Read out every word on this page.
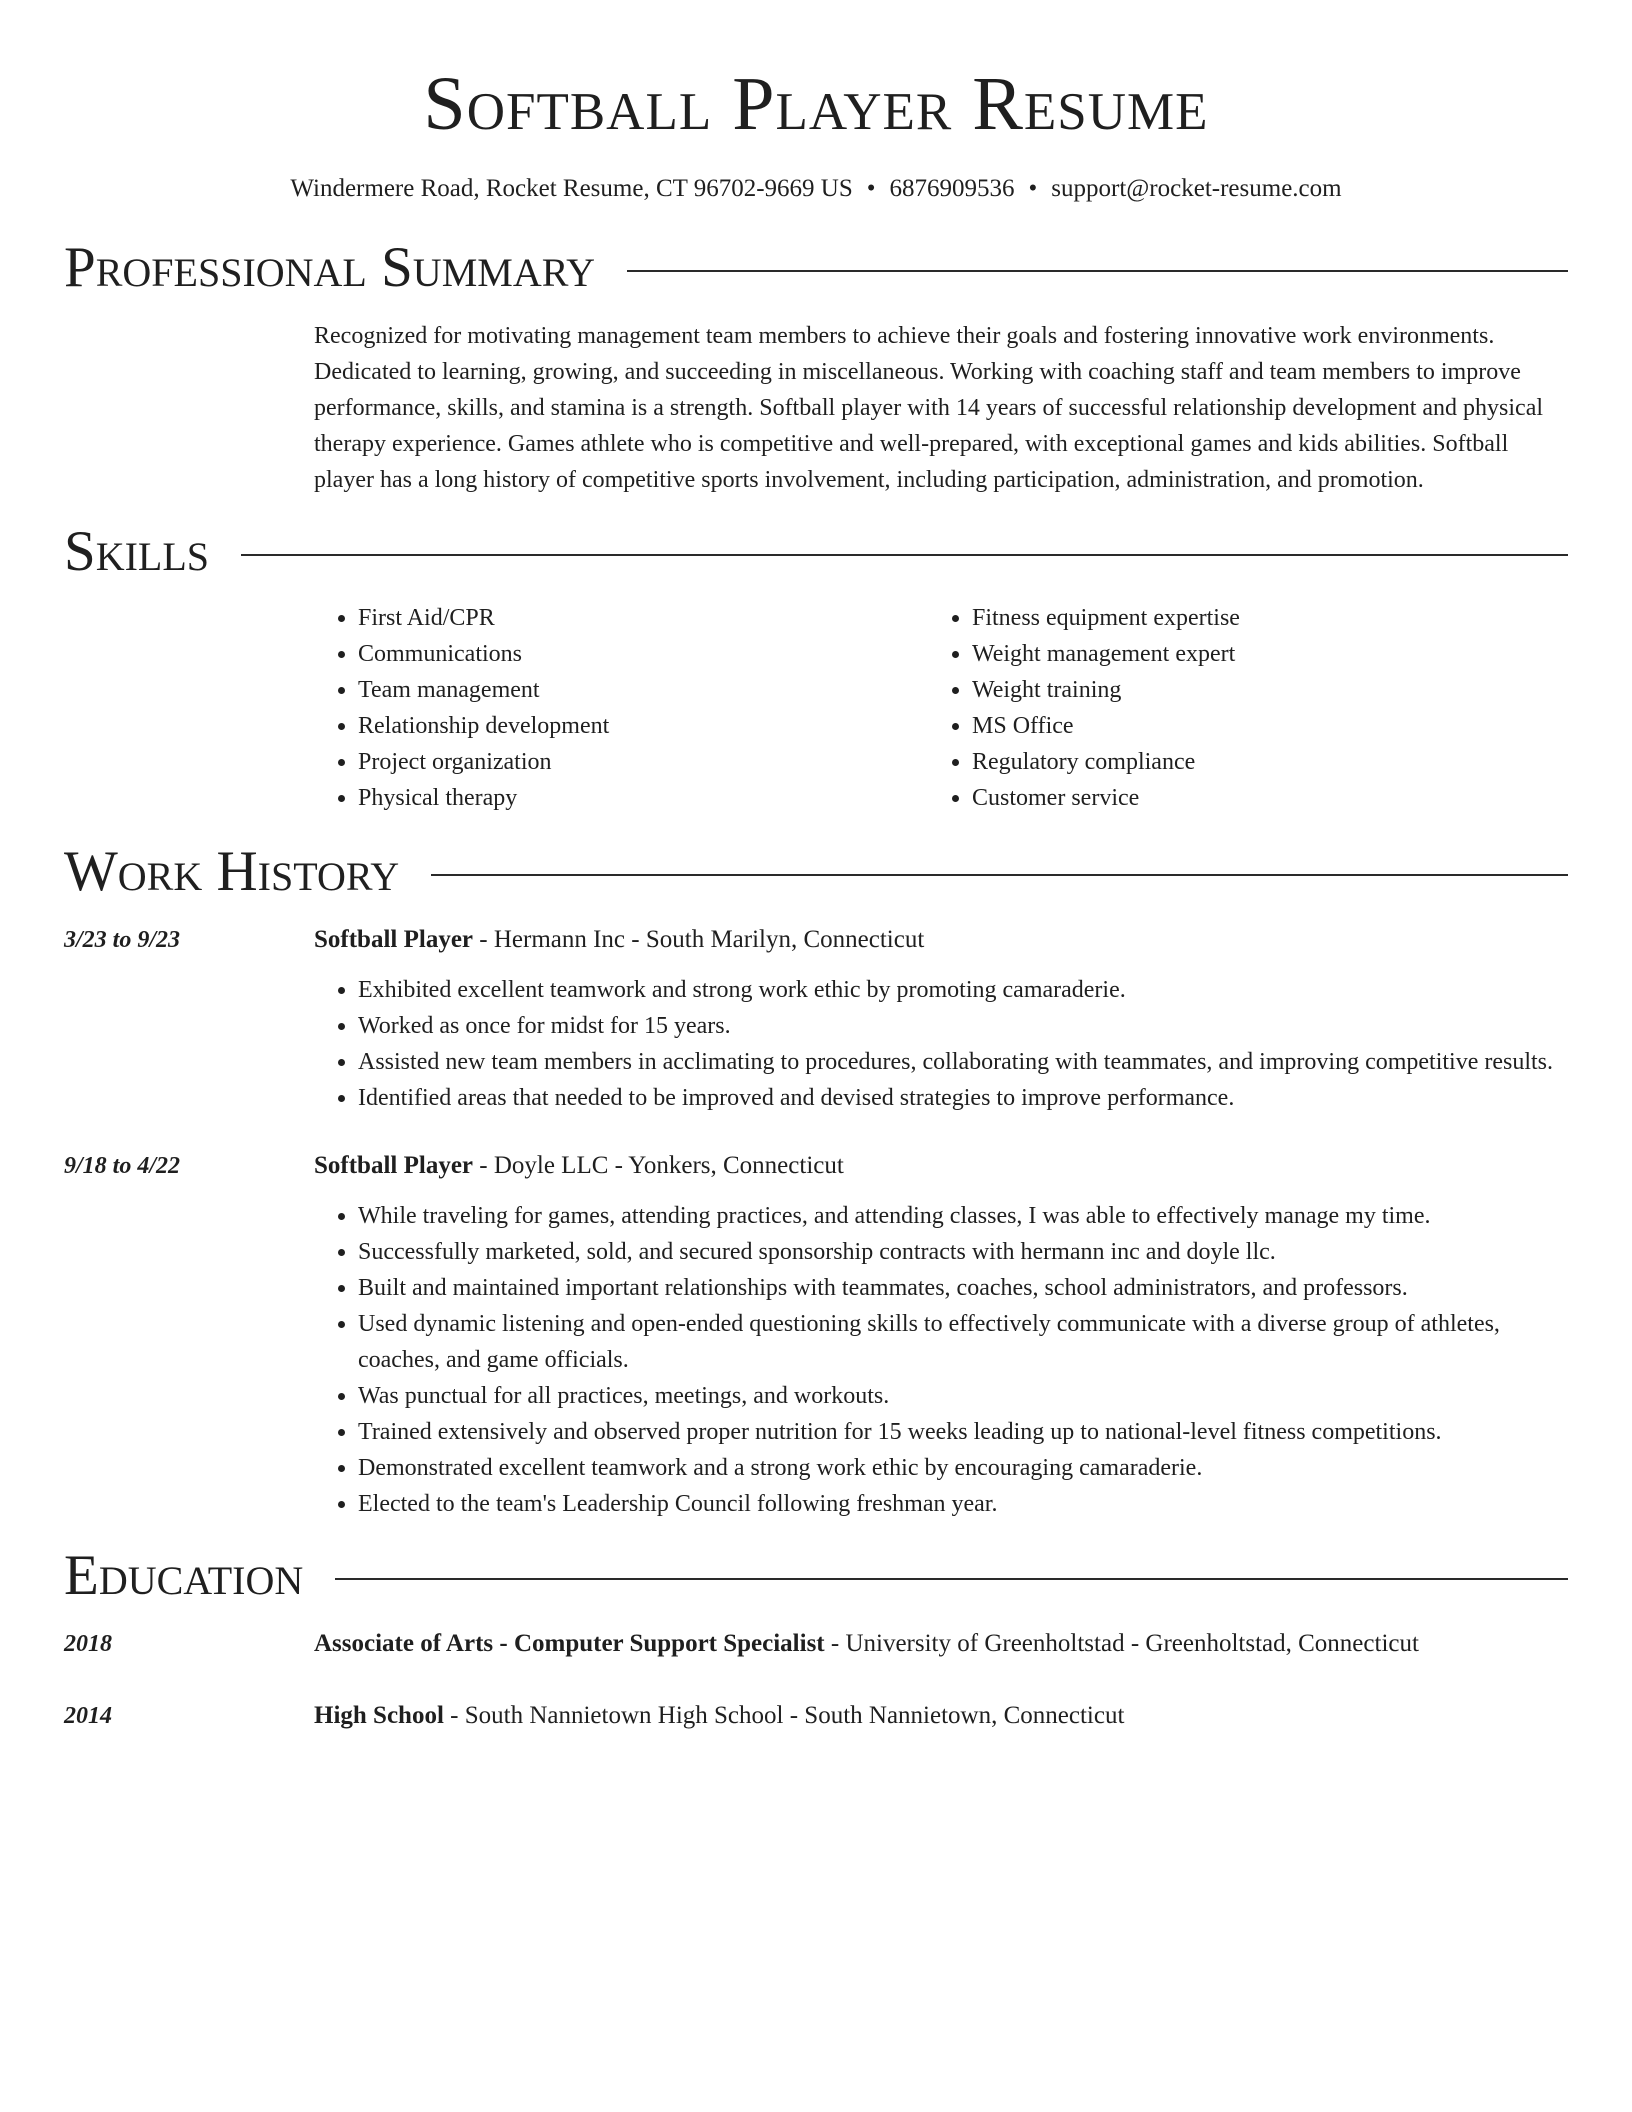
Softball Player Resume
Windermere Road, Rocket Resume, CT 96702-9669 US • 6876909536 • support@rocket-resume.com
Professional Summary
Recognized for motivating management team members to achieve their goals and fostering innovative work environments. Dedicated to learning, growing, and succeeding in miscellaneous. Working with coaching staff and team members to improve performance, skills, and stamina is a strength. Softball player with 14 years of successful relationship development and physical therapy experience. Games athlete who is competitive and well-prepared, with exceptional games and kids abilities. Softball player has a long history of competitive sports involvement, including participation, administration, and promotion.
Skills
• First Aid/CPR
• Communications
• Team management
• Relationship development
• Project organization
• Physical therapy
• Fitness equipment expertise
• Weight management expert
• Weight training
• MS Office
• Regulatory compliance
• Customer service
Work History
3/23 to 9/23	Softball Player - Hermann Inc - South Marilyn, Connecticut
• Exhibited excellent teamwork and strong work ethic by promoting camaraderie.
• Worked as once for midst for 15 years.
• Assisted new team members in acclimating to procedures, collaborating with teammates, and improving competitive results.
• Identified areas that needed to be improved and devised strategies to improve performance.
9/18 to 4/22	Softball Player - Doyle LLC - Yonkers, Connecticut
• While traveling for games, attending practices, and attending classes, I was able to effectively manage my time.
• Successfully marketed, sold, and secured sponsorship contracts with hermann inc and doyle llc.
• Built and maintained important relationships with teammates, coaches, school administrators, and professors.
• Used dynamic listening and open-ended questioning skills to effectively communicate with a diverse group of athletes, coaches, and game officials.
• Was punctual for all practices, meetings, and workouts.
• Trained extensively and observed proper nutrition for 15 weeks leading up to national-level fitness competitions.
• Demonstrated excellent teamwork and a strong work ethic by encouraging camaraderie.
• Elected to the team's Leadership Council following freshman year.
Education
2018	Associate of Arts - Computer Support Specialist - University of Greenholtstad - Greenholtstad, Connecticut
2014	High School - South Nannietown High School - South Nannietown, Connecticut
